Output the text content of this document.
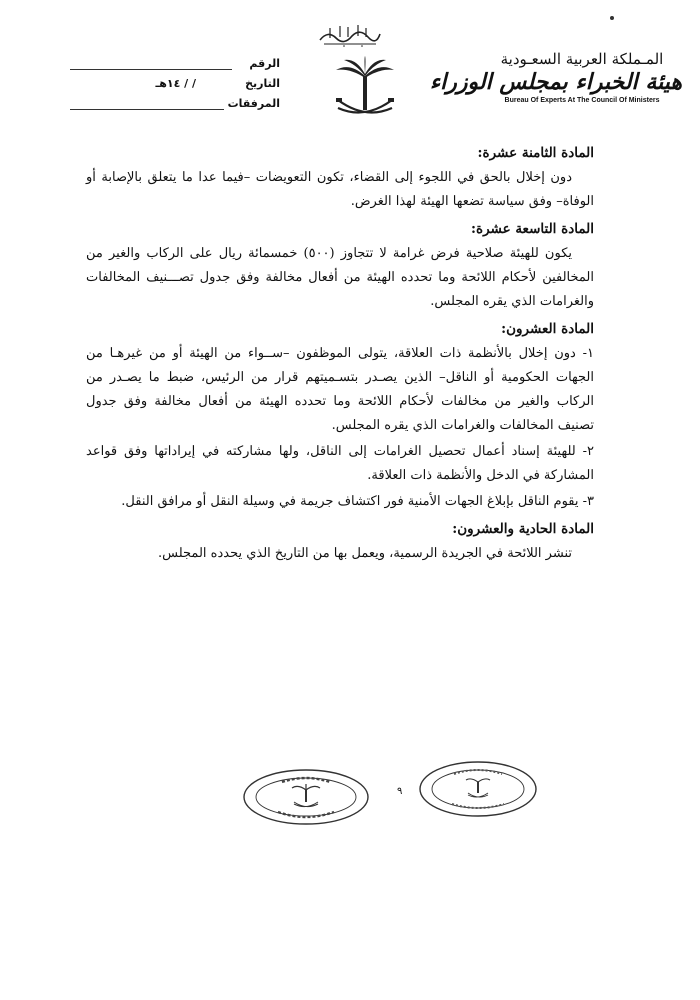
المـملكة العربية السعـودية
هيئة الخبراء بمجلس الوزراء
Bureau Of Experts At The Council Of Ministers
الرقم
التاريخ
/ / ١٤هـ
المرفقات
المادة الثامنة عشرة:

دون إخلال بالحق في اللجوء إلى القضاء، تكون التعويضات –فيما عدا ما يتعلق بالإصابة أو الوفاة– وفق سياسة تضعها الهيئة لهذا الغرض.

المادة التاسعة عشرة:

يكون للهيئة صلاحية فرض غرامة لا تتجاوز (٥٠٠) خمسمائة ريال على الركاب والغير من المخالفين لأحكام اللائحة وما تحدده الهيئة من أفعال مخالفة وفق جدول تصـــنيف المخالفات والغرامات الذي يقره المجلس.

المادة العشرون:

١- دون إخلال بالأنظمة ذات العلاقة، يتولى الموظفون –ســواء من الهيئة أو من غيرهـا من الجهات الحكومية أو الناقل– الذين يصـدر بتسـميتهم قرار من الرئيس، ضبط ما يصـدر من الركاب والغير من مخالفات لأحكام اللائحة وما تحدده الهيئة من أفعال مخالفة وفق جدول تصنيف المخالفات والغرامات الذي يقره المجلس.

٢- للهيئة إسناد أعمال تحصيل الغرامات إلى الناقل، ولها مشاركته في إيراداتها وفق قواعد المشاركة في الدخل والأنظمة ذات العلاقة.

٣- يقوم الناقل بإبلاغ الجهات الأمنية فور اكتشاف جريمة في وسيلة النقل أو مرافق النقل.

المادة الحادية والعشرون:

تنشر اللائحة في الجريدة الرسمية، ويعمل بها من التاريخ الذي يحدده المجلس.

٩
